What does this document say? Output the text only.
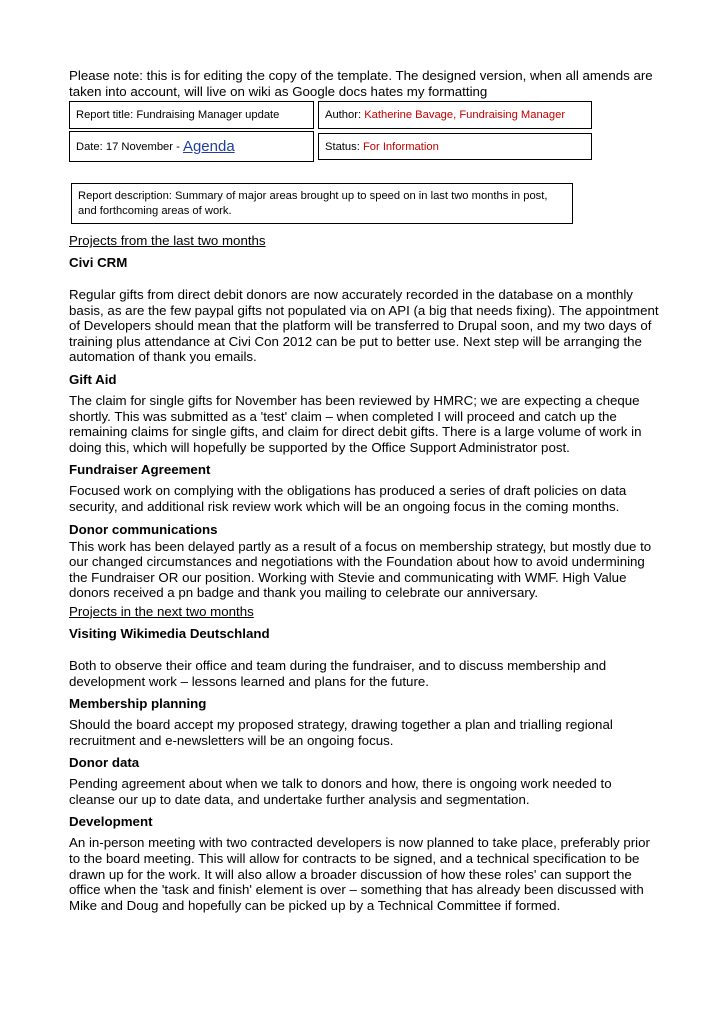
Please note: this is for editing the copy of the template. The designed version, when all amends are taken into account, will live on wiki as Google docs hates my formatting
Report title: Fundraising Manager update	Author: Katherine Bavage, Fundraising Manager
Date: 17 November - Agenda	Status: For Information
Report description: Summary of major areas brought up to speed on in last two months in post, and forthcoming areas of work.
Projects from the last two months
Civi CRM

Regular gifts from direct debit donors are now accurately recorded in the database on a monthly basis, as are the few paypal gifts not populated via on API (a big that needs fixing). The appointment of Developers should mean that the platform will be transferred to Drupal soon, and my two days of training plus attendance at Civi Con 2012 can be put to better use. Next step will be arranging the automation of thank you emails.

Gift Aid

The claim for single gifts for November has been reviewed by HMRC; we are expecting a cheque shortly. This was submitted as a 'test' claim – when completed I will proceed and catch up the remaining claims for single gifts, and claim for direct debit gifts. There is a large volume of work in doing this, which will hopefully be supported by the Office Support Administrator post.

Fundraiser Agreement

Focused work on complying with the obligations has produced a series of draft policies on data security, and additional risk review work which will be an ongoing focus in the coming months.

Donor communications

This work has been delayed partly as a result of a focus on membership strategy, but mostly due to our changed circumstances and negotiations with the Foundation about how to avoid undermining the Fundraiser OR our position. Working with Stevie and communicating with WMF. High Value donors received a pn badge and thank you mailing to celebrate our anniversary.

Projects in the next two months
Visiting Wikimedia Deutschland

Both to observe their office and team during the fundraiser, and to discuss membership and development work – lessons learned and plans for the future.

Membership planning

Should the board accept my proposed strategy, drawing together a plan and trialling regional recruitment and e-newsletters will be an ongoing focus.

Donor data

Pending agreement about when we talk to donors and how, there is ongoing work needed to cleanse our up to date data, and undertake further analysis and segmentation.

Development

An in-person meeting with two contracted developers is now planned to take place, preferably prior to the board meeting. This will allow for contracts to be signed, and a technical specification to be drawn up for the work. It will also allow a broader discussion of how these roles' can support the office when the 'task and finish' element is over – something that has already been discussed with Mike and Doug and hopefully can be picked up by a Technical Committee if formed.
